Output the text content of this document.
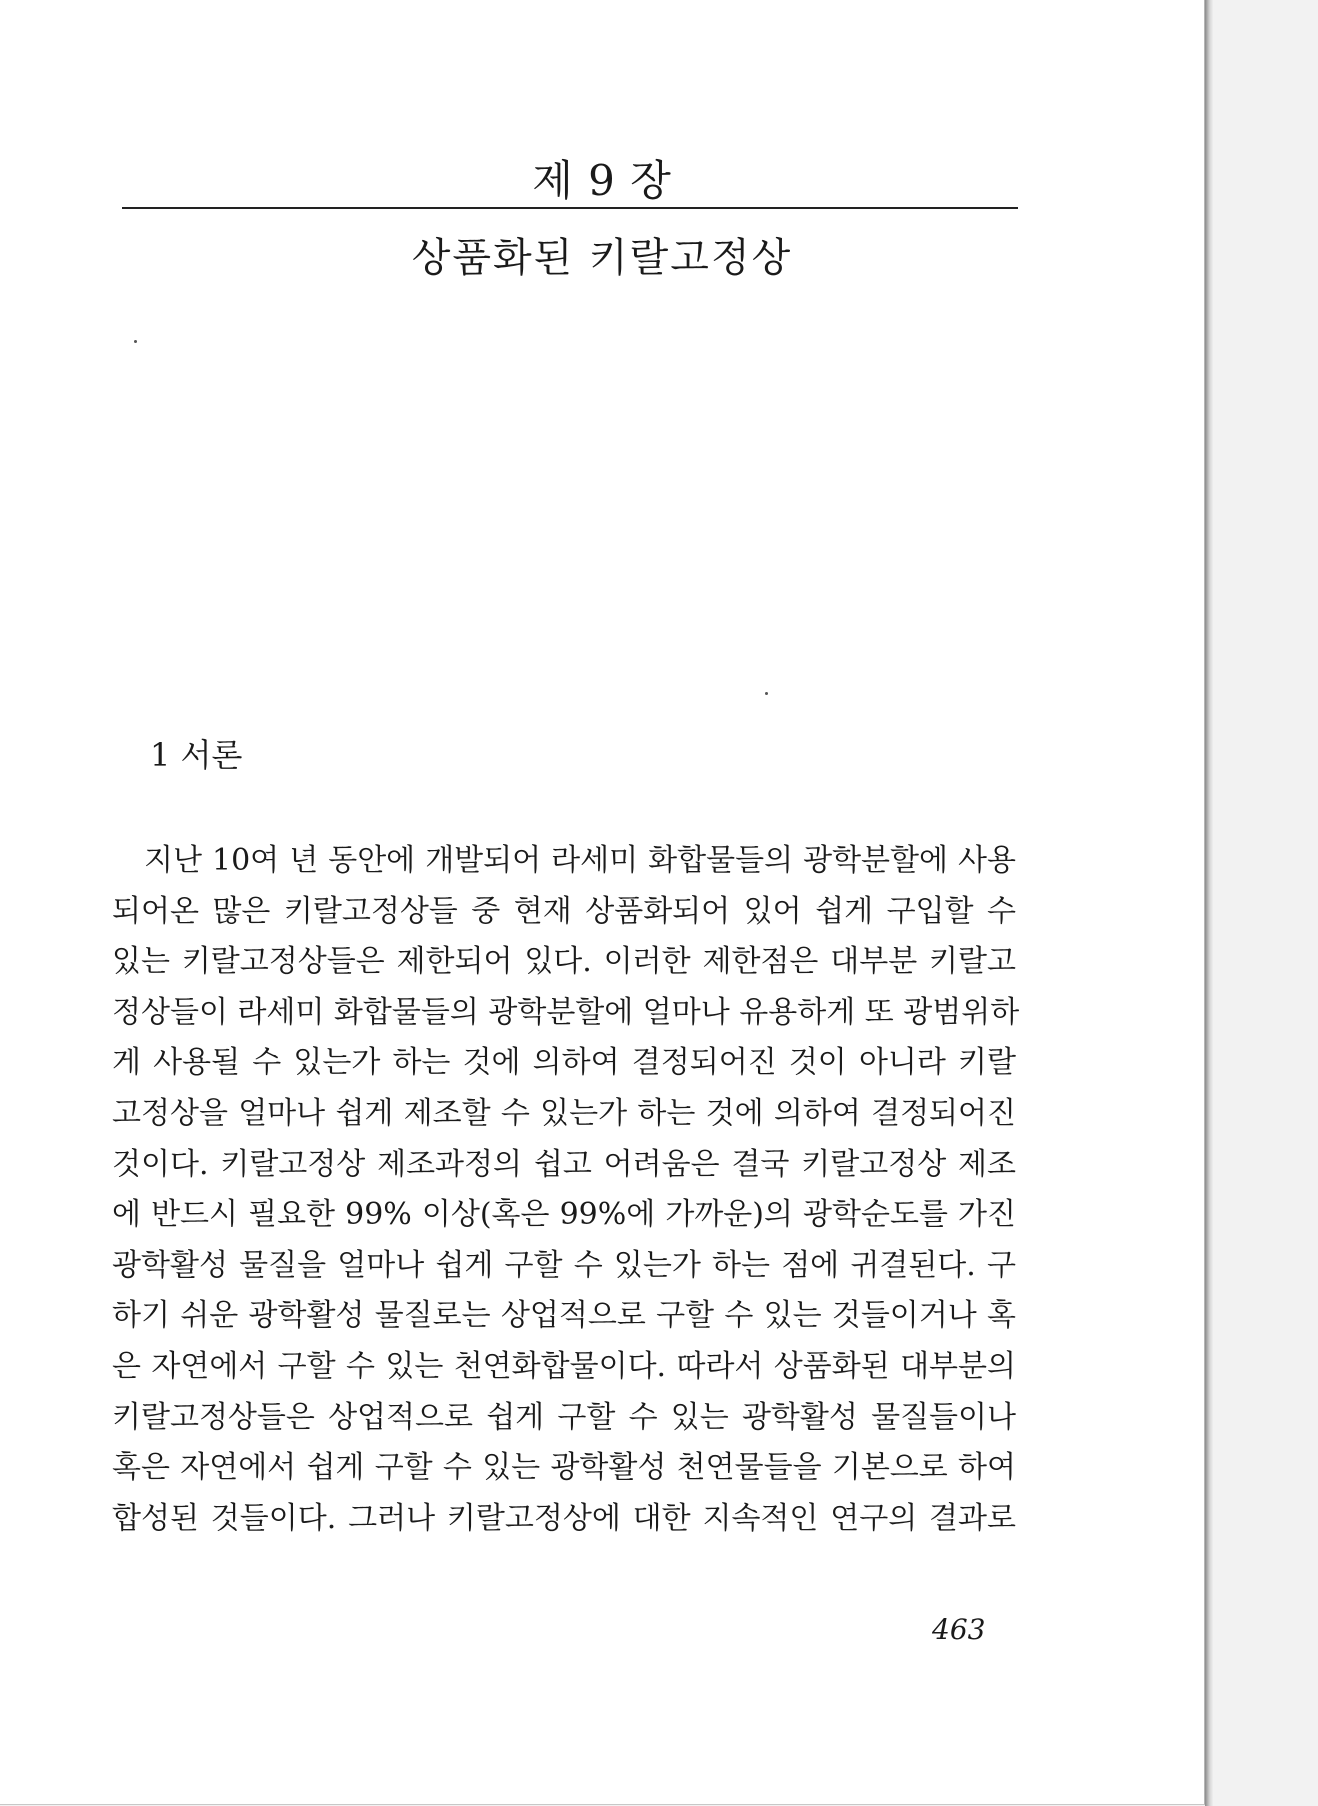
제 9 장
상품화된 키랄고정상
1 서론
지난 10여 년 동안에 개발되어 라세미 화합물들의 광학분할에 사용
되어온 많은 키랄고정상들 중 현재 상품화되어 있어 쉽게 구입할 수
있는 키랄고정상들은 제한되어 있다. 이러한 제한점은 대부분 키랄고
정상들이 라세미 화합물들의 광학분할에 얼마나 유용하게 또 광범위하
게 사용될 수 있는가 하는 것에 의하여 결정되어진 것이 아니라 키랄
고정상을 얼마나 쉽게 제조할 수 있는가 하는 것에 의하여 결정되어진
것이다. 키랄고정상 제조과정의 쉽고 어려움은 결국 키랄고정상 제조
에 반드시 필요한 99% 이상(혹은 99%에 가까운)의 광학순도를 가진
광학활성 물질을 얼마나 쉽게 구할 수 있는가 하는 점에 귀결된다. 구
하기 쉬운 광학활성 물질로는 상업적으로 구할 수 있는 것들이거나 혹
은 자연에서 구할 수 있는 천연화합물이다. 따라서 상품화된 대부분의
키랄고정상들은 상업적으로 쉽게 구할 수 있는 광학활성 물질들이나
혹은 자연에서 쉽게 구할 수 있는 광학활성 천연물들을 기본으로 하여
합성된 것들이다. 그러나 키랄고정상에 대한 지속적인 연구의 결과로
463
